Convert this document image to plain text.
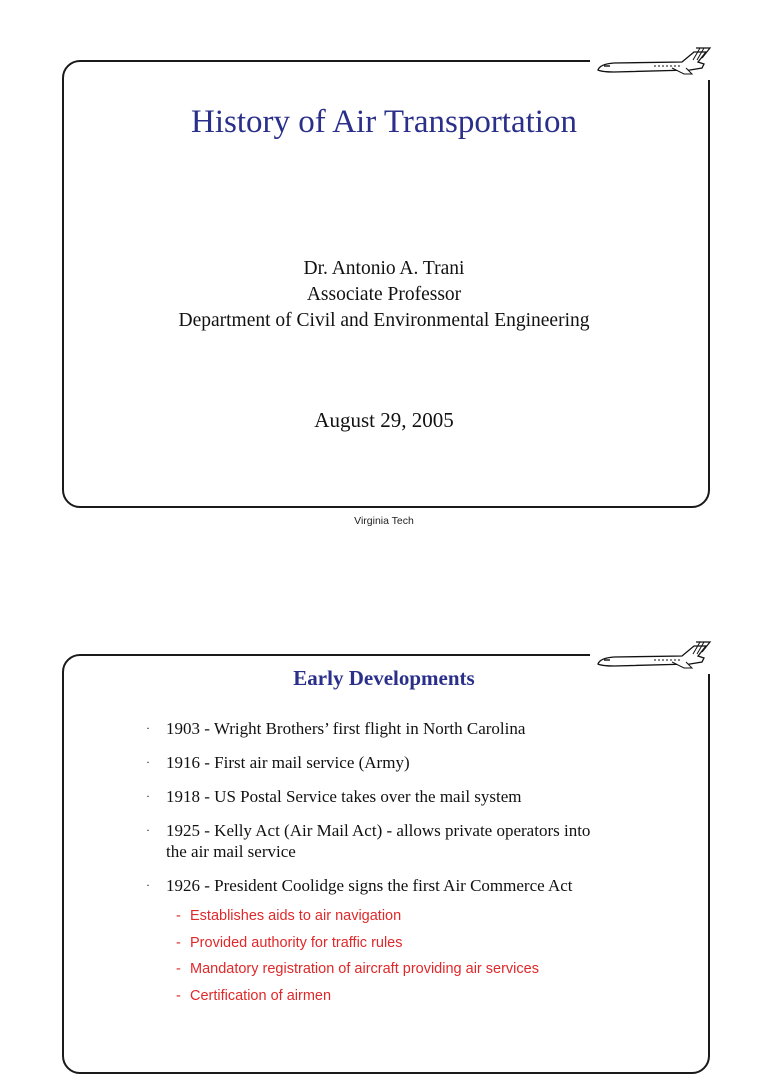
History of Air Transportation
Dr. Antonio A. Trani
Associate Professor
Department of Civil and Environmental Engineering
August 29, 2005
Virginia Tech
Early Developments
· 1903 - Wright Brothers’ first flight in North Carolina
· 1916 - First air mail service (Army)
· 1918 - US Postal Service takes over the mail system
· 1925 - Kelly Act (Air Mail Act) - allows private operators into
the air mail service
· 1926 - President Coolidge signs the first Air Commerce Act
- Establishes aids to air navigation
- Provided authority for traffic rules
- Mandatory registration of aircraft providing air services
- Certification of airmen
